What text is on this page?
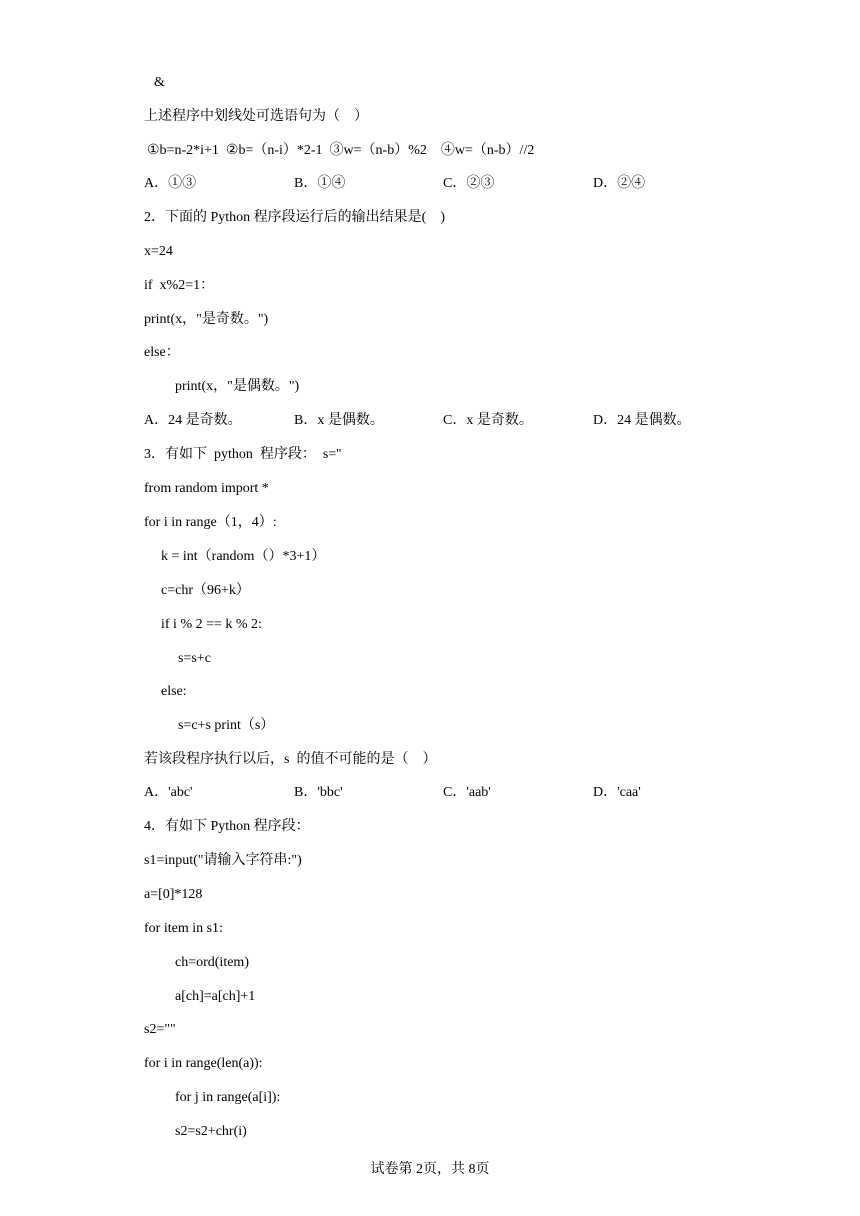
&
上述程序中划线处可选语句为（    ）
①b=n-2*i+1  ②b=（n-i）*2-1  ③w=（n-b）%2    ④w=（n-b）//2
A．①③	B．①④	C．②③	D．②④
2．下面的 Python 程序段运行后的输出结果是(    )
x=24
if  x%2=1：
print(x，"是奇数。")
else：
print(x，"是偶数。")
A．24 是奇数。	B．x 是偶数。	C．x 是奇数。	D．24 是偶数。
3．有如下  python  程序段：  s=''
from random import *
for i in range（1，4）:
k = int（random（）*3+1）
c=chr（96+k）
if i % 2 == k % 2:
s=s+c
else:
s=c+s print（s）
若该段程序执行以后，s  的值不可能的是（    ）
A．'abc'	B．'bbc'	C．'aab'	D．'caa'
4．有如下 Python 程序段：
s1=input("请输入字符串:")
a=[0]*128
for item in s1:
ch=ord(item)
a[ch]=a[ch]+1
s2=""
for i in range(len(a)):
for j in range(a[i]):
s2=s2+chr(i)
试卷第 2页，共 8页
